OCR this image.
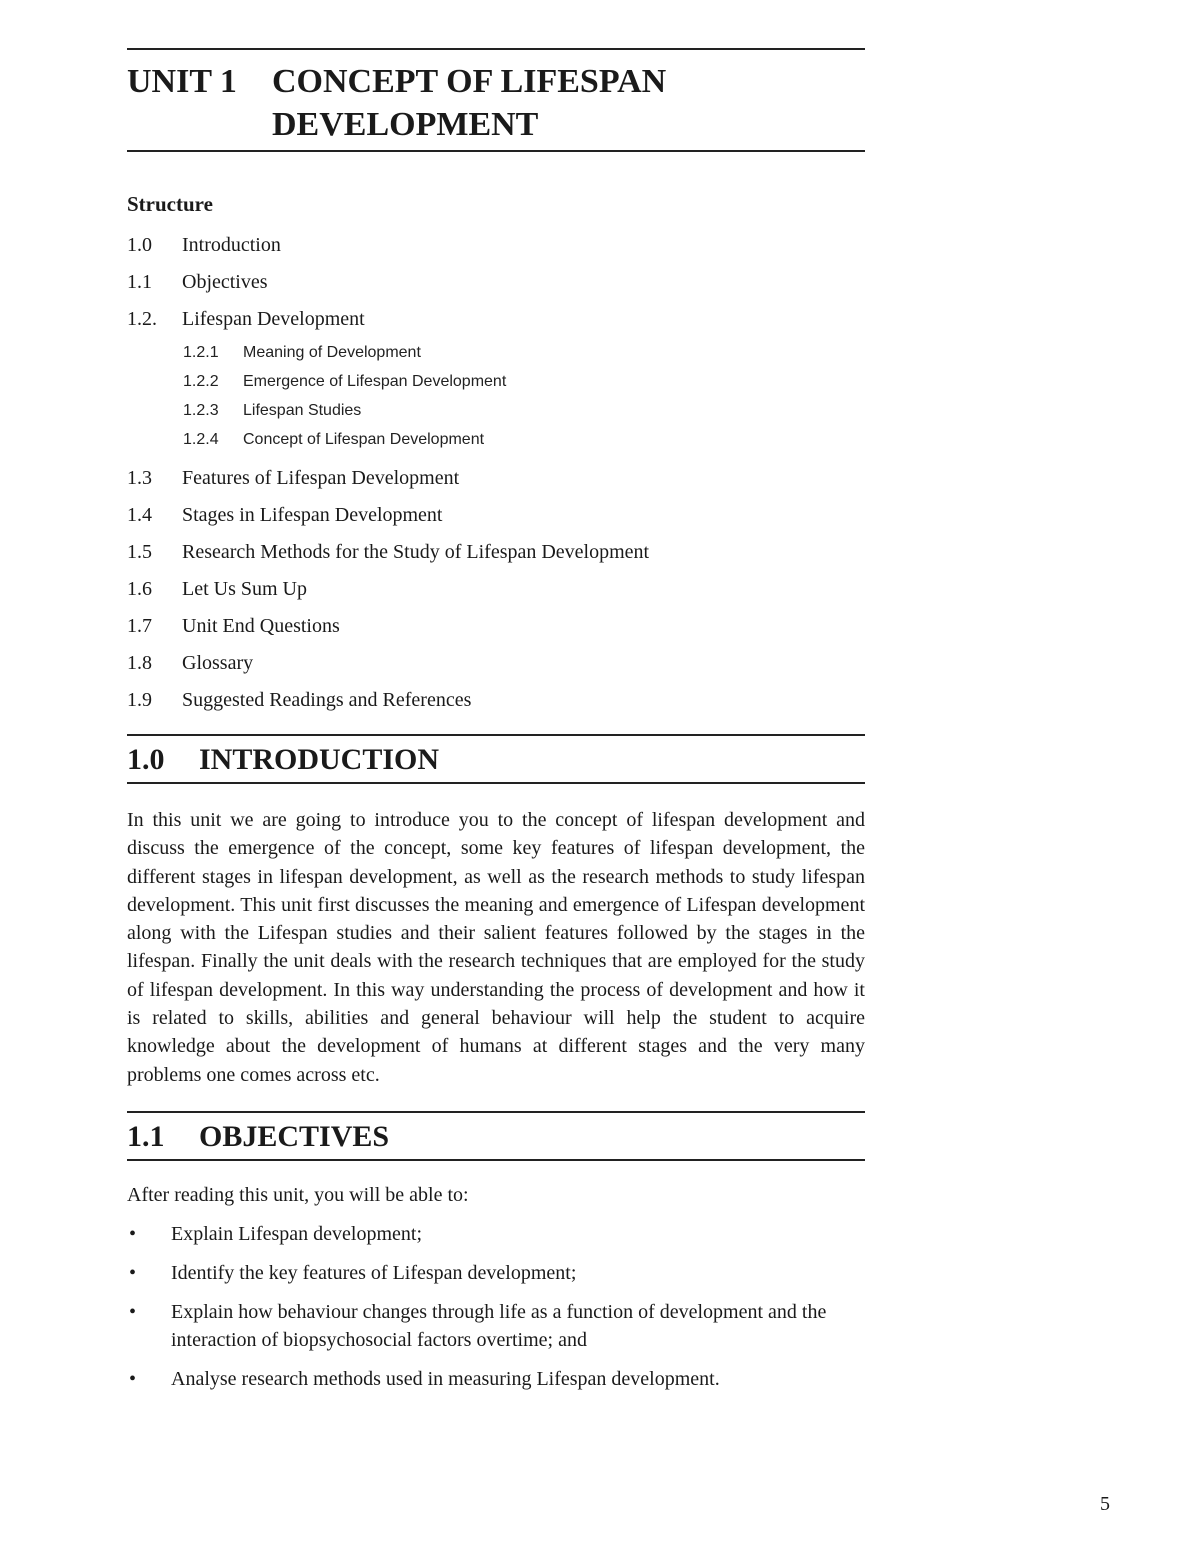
UNIT 1	CONCEPT OF LIFESPAN
DEVELOPMENT
Structure
1.0	Introduction
1.1	Objectives
1.2.	Lifespan Development
1.2.1	Meaning of Development
1.2.2	Emergence of Lifespan Development
1.2.3	Lifespan Studies
1.2.4	Concept of Lifespan Development
1.3	Features of Lifespan Development
1.4	Stages in Lifespan Development
1.5	Research Methods for the Study of Lifespan Development
1.6	Let Us Sum Up
1.7	Unit End Questions
1.8	Glossary
1.9	Suggested Readings and References
1.0	INTRODUCTION

In this unit we are going to introduce you to the concept of lifespan development and discuss the emergence of the concept, some key features of lifespan development, the different stages in lifespan development, as well as the research methods to study lifespan development. This unit first discusses the meaning and emergence of Lifespan development along with the Lifespan studies and their salient features followed by the stages in the lifespan. Finally the unit deals with the research techniques that are employed for the study of lifespan development. In this way understanding the process of development and how it is related to skills, abilities and general behaviour will help the student to acquire knowledge about the development of humans at different stages and the very many problems one comes across etc.

1.1	OBJECTIVES
After reading this unit, you will be able to:
•	Explain Lifespan development;
•	Identify the key features of Lifespan development;
•	Explain how behaviour changes through life as a function of development and the interaction of biopsychosocial factors overtime; and
•	Analyse research methods used in measuring Lifespan development.
5
